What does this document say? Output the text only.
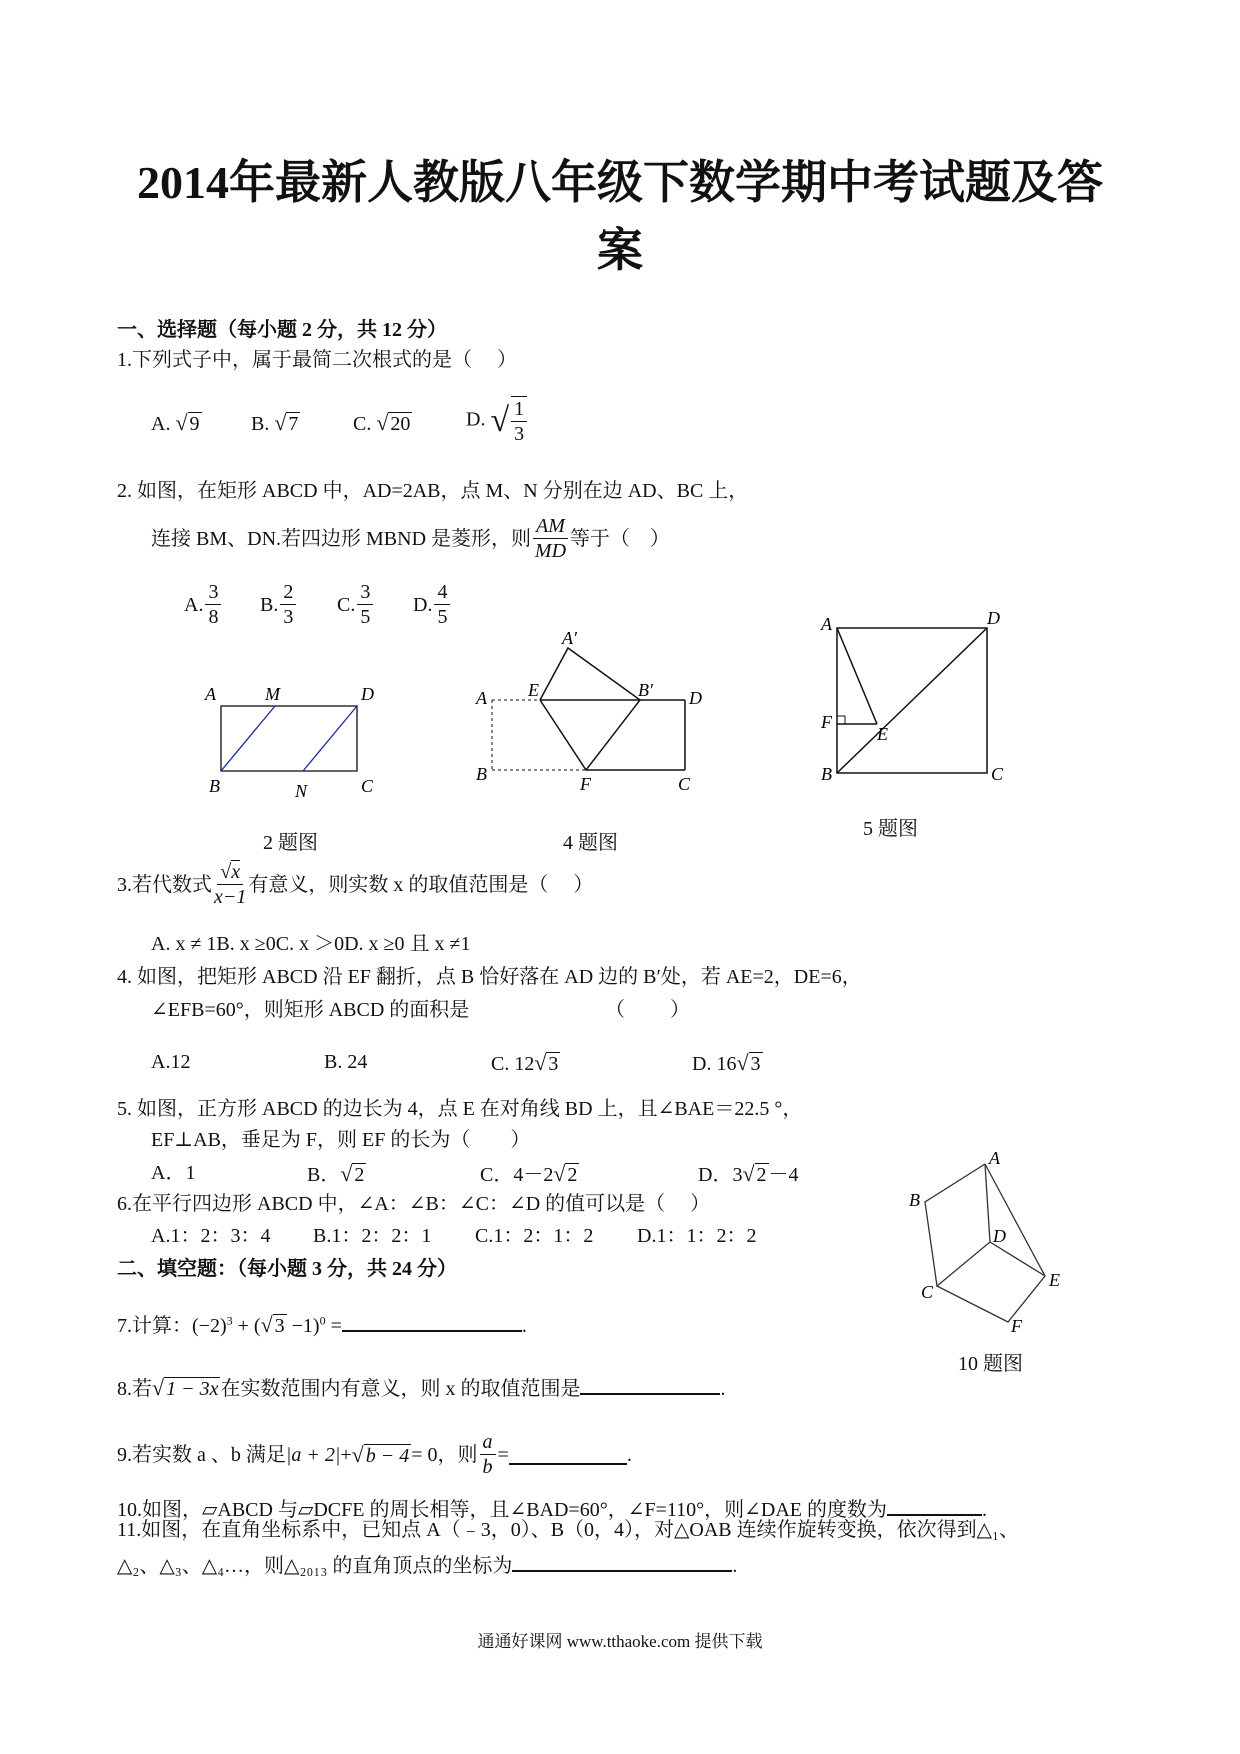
2014年最新人教版八年级下数学期中考试题及答
案
一、选择题（每小题 2 分，共 12 分）
1.下列式子中，属于最简二次根式的是（　 ）
A. √ 9	B. √ 7	C. √ 20	D. √ $\frac{1}{3}$
2. 如图，在矩形 ABCD 中，AD=2AB，点 M、N 分别在边 AD、BC 上，
连接 BM、DN.若四边形 MBND 是菱形，则 $\frac{AM}{MD}$ 等于（　）
A. $\frac{3}{8} B$. $\frac{2}{3} C$. $\frac{3}{5} D$. $\frac{4}{5}$
A	M	D
B	N	C
2 题图
A′
A E	B′ D
B	F	C
4 题图
A	D
F
E
B	C
5 题图
3.若代数式 $\frac{√x}{x-1}$ 有意义，则实数 x 的取值范围是（　 ）
A. x ≠ 1B. x ≥0C. x ＞0D. x ≥0 且 x ≠1
4. 如图，把矩形 ABCD 沿 EF 翻折，点 B 恰好落在 AD 边的 B′处，若 AE=2，DE=6，
∠EFB=60°，则矩形 ABCD 的面积是	（　　 ）
A.12	B. 24	C. 12√ 3	D. 16√ 3
5. 如图，正方形 ABCD 的边长为 4，点 E 在对角线 BD 上，且∠BAE＝22.5 °，
EF⊥AB，垂足为 F，则 EF 的长为（　　）
A．1	B．√ 2	C．4－2√ 2	D．3√ 2 －4
6.在平行四边形 ABCD 中，∠A：∠B：∠C：∠D 的值可以是（　 ）
A.1：2：3：4 B.1：2：2：1 C.1：2：1：2 D.1：1：2：2
A
B
D
C
E
F
10 题图
二、填空题：（每小题 3 分，共 24 分）
7.计算：$(-2)^3$ + (√ 3 −1)$^0$ =	.
8.若√ 1 − 3x 在实数范围内有意义，则 x 的取值范围是	.
9.若实数 a 、b 满足 |a + 2| + √ b − 4 = 0，则 $\frac{a}{b}$ =	.
10.如图，▱ABCD 与▱DCFE 的周长相等，且∠BAD=60°，∠F=110°，则∠DAE 的度数为	.
11.如图，在直角坐标系中，已知点 A（﹣3，0）、B（0，4），对△OAB 连续作旋转变换，依次得到△₁、
△₂、△₃、△₄…，则△₂₀₁₃ 的直角顶点的坐标为	.
通通好课网 www.tthaoke.com 提供下载
